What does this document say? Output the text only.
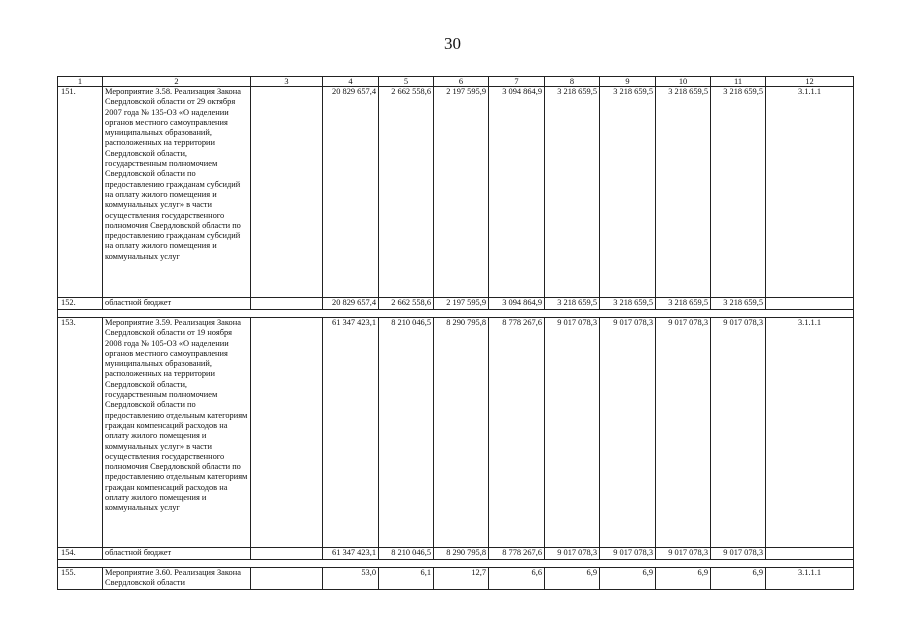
30
1	2	3	4	5	6	7	8	9	10	11	12
151.	Мероприятие 3.58. Реализация Закона Свердловской области от 29 октября 2007 года № 135-ОЗ «О наделении органов местного самоуправления муниципальных образований, расположенных на территории Свердловской области, государственным полномочием Свердловской области по предоставлению гражданам субсидий на оплату жилого помещения и коммунальных услуг» в части осуществления государственного полномочия Свердловской области по предоставлению гражданам субсидий на оплату жилого помещения и коммунальных услуг		20 829 657,4	2 662 558,6	2 197 595,9	3 094 864,9	3 218 659,5	3 218 659,5	3 218 659,5	3 218 659,5	3.1.1.1
152.	областной бюджет		20 829 657,4	2 662 558,6	2 197 595,9	3 094 864,9	3 218 659,5	3 218 659,5	3 218 659,5	3 218 659,5	

153.	Мероприятие 3.59. Реализация Закона Свердловской области от 19 ноября 2008 года № 105-ОЗ «О наделении органов местного самоуправления муниципальных образований, расположенных на территории Свердловской области, государственным полномочием Свердловской области по предоставлению отдельным категориям граждан компенсаций расходов на оплату жилого помещения и коммунальных услуг» в части осуществления государственного полномочия Свердловской области по предоставлению отдельным категориям граждан компенсаций расходов на оплату жилого помещения и коммунальных услуг		61 347 423,1	8 210 046,5	8 290 795,8	8 778 267,6	9 017 078,3	9 017 078,3	9 017 078,3	9 017 078,3	3.1.1.1
154.	областной бюджет		61 347 423,1	8 210 046,5	8 290 795,8	8 778 267,6	9 017 078,3	9 017 078,3	9 017 078,3	9 017 078,3	

155.	Мероприятие 3.60. Реализация Закона Свердловской области		53,0	6,1	12,7	6,6	6,9	6,9	6,9	6,9	3.1.1.1
